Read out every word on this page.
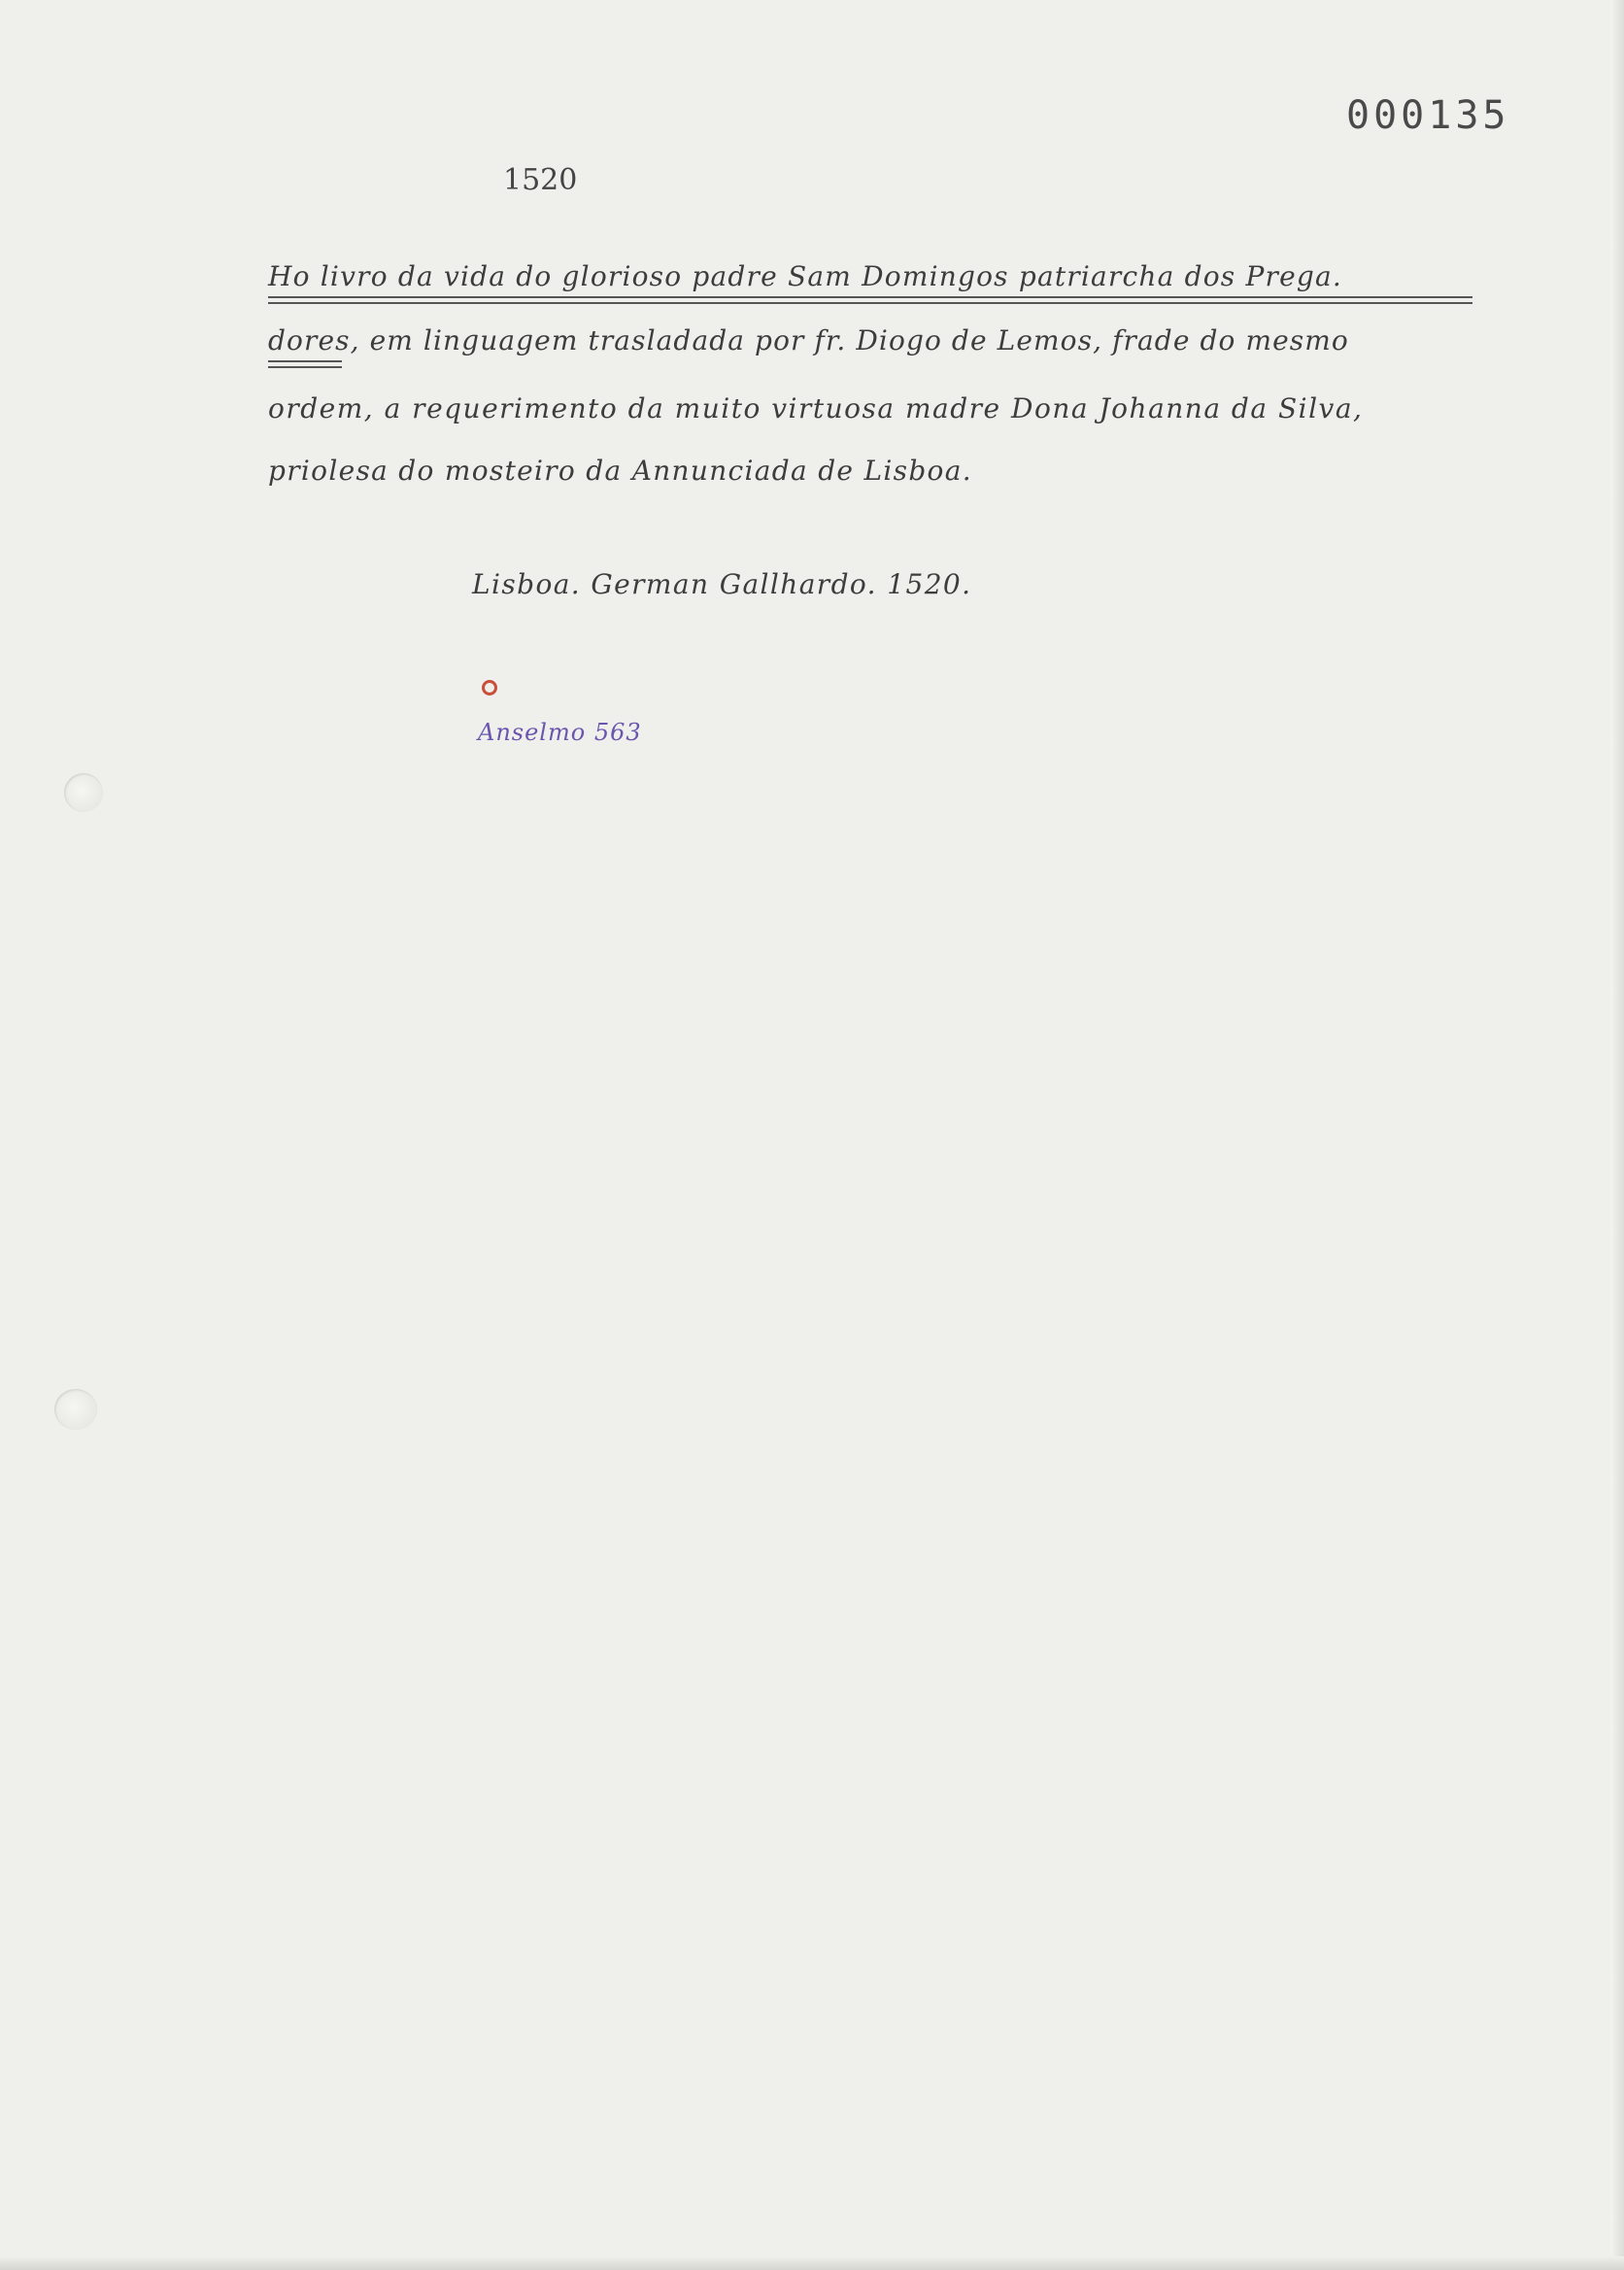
000135
1520
Ho livro da vida do glorioso padre Sam Domingos patriarcha dos Prega.
dores, em linguagem trasladada por fr. Diogo de Lemos, frade do mesmo
ordem, a requerimento da muito virtuosa madre Dona Johanna da Silva,
priolesa do mosteiro da Annunciada de Lisboa.
Lisboa. German Gallhardo. 1520.
Anselmo 563
